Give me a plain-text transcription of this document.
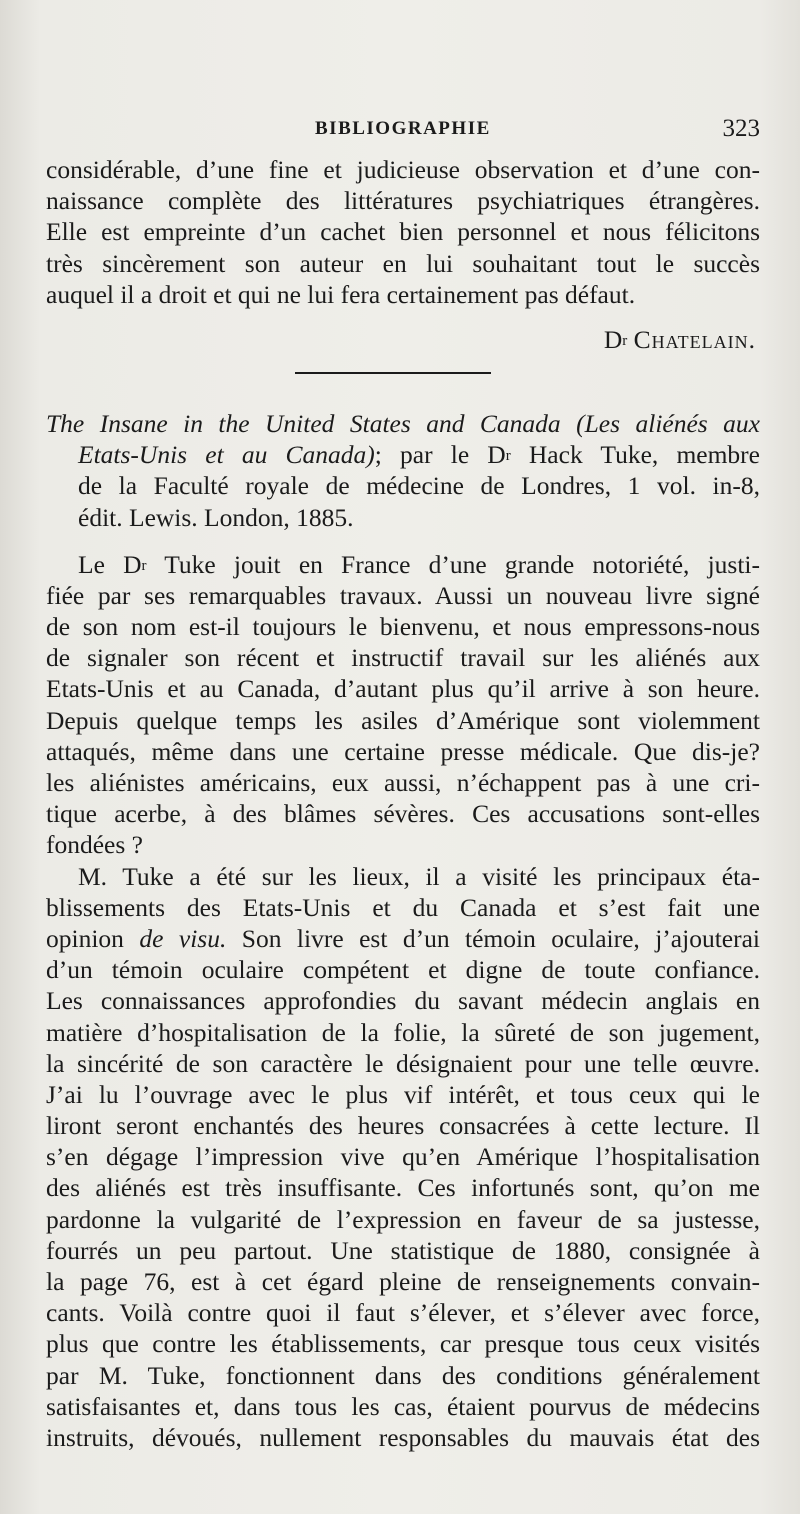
BIBLIOGRAPHIE	323
considérable, d’une fine et judicieuse observation et d’une con-
naissance complète des littératures psychiatriques étrangères.
Elle est empreinte d’un cachet bien personnel et nous félicitons
très sincèrement son auteur en lui souhaitant tout le succès
auquel il a droit et qui ne lui fera certainement pas défaut.
$D^r$ Chatelain.
The Insane in the United States and Canada (Les aliénés aux
Etats-Unis et au Canada); par le $D^r$ Hack Tuke, membre
de la Faculté royale de médecine de Londres, 1 vol. in-8,
édit. Lewis. London, 1885.
Le $D^r$ Tuke jouit en France d’une grande notoriété, justi-
fiée par ses remarquables travaux. Aussi un nouveau livre signé
de son nom est-il toujours le bienvenu, et nous empressons-nous
de signaler son récent et instructif travail sur les aliénés aux
Etats-Unis et au Canada, d’autant plus qu’il arrive à son heure.
Depuis quelque temps les asiles d’Amérique sont violemment
attaqués, même dans une certaine presse médicale. Que dis-je?
les aliénistes américains, eux aussi, n’échappent pas à une cri-
tique acerbe, à des blâmes sévères. Ces accusations sont-elles
fondées ?
M. Tuke a été sur les lieux, il a visité les principaux éta-
blissements des Etats-Unis et du Canada et s’est fait une
opinion de visu. Son livre est d’un témoin oculaire, j’ajouterai
d’un témoin oculaire compétent et digne de toute confiance.
Les connaissances approfondies du savant médecin anglais en
matière d’hospitalisation de la folie, la sûreté de son jugement,
la sincérité de son caractère le désignaient pour une telle œuvre.
J’ai lu l’ouvrage avec le plus vif intérêt, et tous ceux qui le
liront seront enchantés des heures consacrées à cette lecture. Il
s’en dégage l’impression vive qu’en Amérique l’hospitalisation
des aliénés est très insuffisante. Ces infortunés sont, qu’on me
pardonne la vulgarité de l’expression en faveur de sa justesse,
fourrés un peu partout. Une statistique de 1880, consignée à
la page 76, est à cet égard pleine de renseignements convain-
cants. Voilà contre quoi il faut s’élever, et s’élever avec force,
plus que contre les établissements, car presque tous ceux visités
par M. Tuke, fonctionnent dans des conditions généralement
satisfaisantes et, dans tous les cas, étaient pourvus de médecins
instruits, dévoués, nullement responsables du mauvais état des
